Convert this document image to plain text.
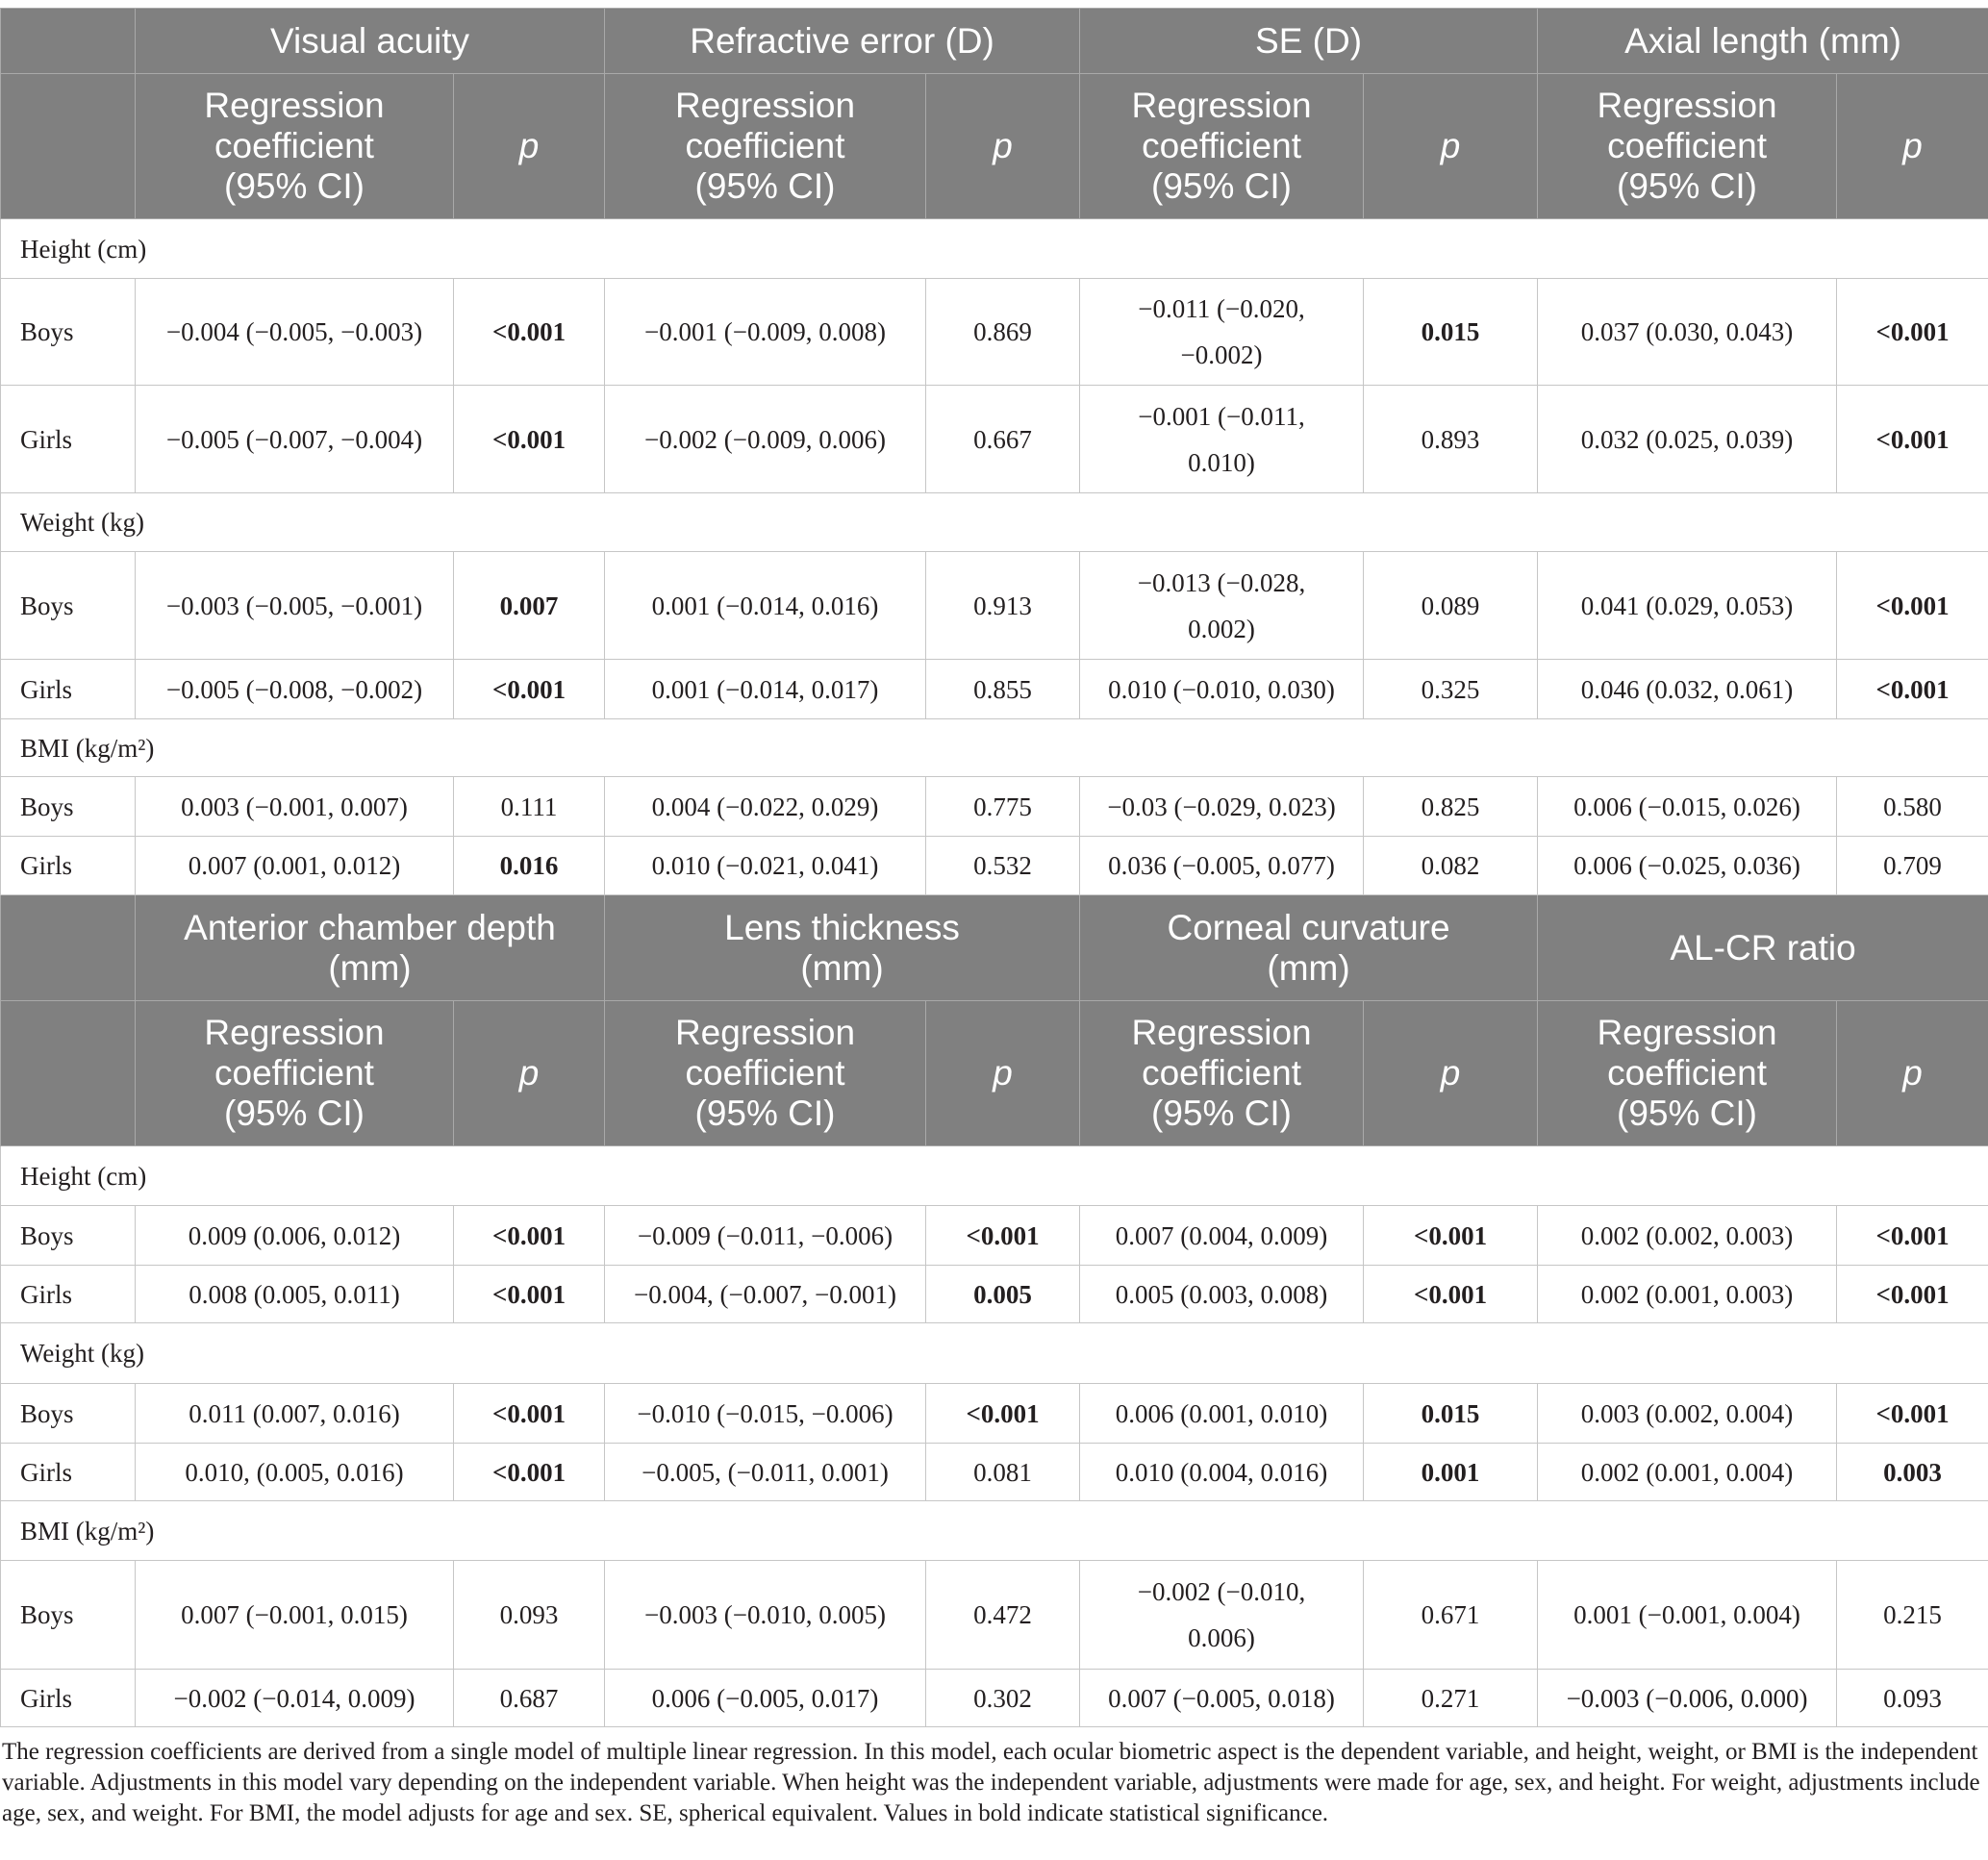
	Visual acuity		Refractive error (D)		SE (D)		Axial length (mm)	
	Regression coefficient (95% CI)	p	Regression coefficient (95% CI)	p	Regression coefficient (95% CI)	p	Regression coefficient (95% CI)	p
Height (cm)								
Boys	−0.004 (−0.005, −0.003)	<0.001	−0.001 (−0.009, 0.008)	0.869	−0.011 (−0.020, −0.002)	0.015	0.037 (0.030, 0.043)	<0.001
Girls	−0.005 (−0.007, −0.004)	<0.001	−0.002 (−0.009, 0.006)	0.667	−0.001 (−0.011, 0.010)	0.893	0.032 (0.025, 0.039)	<0.001
Weight (kg)								
Boys	−0.003 (−0.005, −0.001)	0.007	0.001 (−0.014, 0.016)	0.913	−0.013 (−0.028, 0.002)	0.089	0.041 (0.029, 0.053)	<0.001
Girls	−0.005 (−0.008, −0.002)	<0.001	0.001 (−0.014, 0.017)	0.855	0.010 (−0.010, 0.030)	0.325	0.046 (0.032, 0.061)	<0.001
BMI (kg/m²)								
Boys	0.003 (−0.001, 0.007)	0.111	0.004 (−0.022, 0.029)	0.775	−0.03 (−0.029, 0.023)	0.825	0.006 (−0.015, 0.026)	0.580
Girls	0.007 (0.001, 0.012)	0.016	0.010 (−0.021, 0.041)	0.532	0.036 (−0.005, 0.077)	0.082	0.006 (−0.025, 0.036)	0.709
	Anterior chamber depth (mm)		Lens thickness (mm)		Corneal curvature (mm)		AL-CR ratio	
	Regression coefficient (95% CI)	p	Regression coefficient (95% CI)	p	Regression coefficient (95% CI)	p	Regression coefficient (95% CI)	p
Height (cm)								
Boys	0.009 (0.006, 0.012)	<0.001	−0.009 (−0.011, −0.006)	<0.001	0.007 (0.004, 0.009)	<0.001	0.002 (0.002, 0.003)	<0.001
Girls	0.008 (0.005, 0.011)	<0.001	−0.004, (−0.007, −0.001)	0.005	0.005 (0.003, 0.008)	<0.001	0.002 (0.001, 0.003)	<0.001
Weight (kg)								
Boys	0.011 (0.007, 0.016)	<0.001	−0.010 (−0.015, −0.006)	<0.001	0.006 (0.001, 0.010)	0.015	0.003 (0.002, 0.004)	<0.001
Girls	0.010, (0.005, 0.016)	<0.001	−0.005, (−0.011, 0.001)	0.081	0.010 (0.004, 0.016)	0.001	0.002 (0.001, 0.004)	0.003
BMI (kg/m²)								
Boys	0.007 (−0.001, 0.015)	0.093	−0.003 (−0.010, 0.005)	0.472	−0.002 (−0.010, 0.006)	0.671	0.001 (−0.001, 0.004)	0.215
Girls	−0.002 (−0.014, 0.009)	0.687	0.006 (−0.005, 0.017)	0.302	0.007 (−0.005, 0.018)	0.271	−0.003 (−0.006, 0.000)	0.093
The regression coefficients are derived from a single model of multiple linear regression. In this model, each ocular biometric aspect is the dependent variable, and height, weight, or BMI is the independent variable. Adjustments in this model vary depending on the independent variable. When height was the independent variable, adjustments were made for age, sex, and height. For weight, adjustments include age, sex, and weight. For BMI, the model adjusts for age and sex. SE, spherical equivalent. Values in bold indicate statistical significance.
